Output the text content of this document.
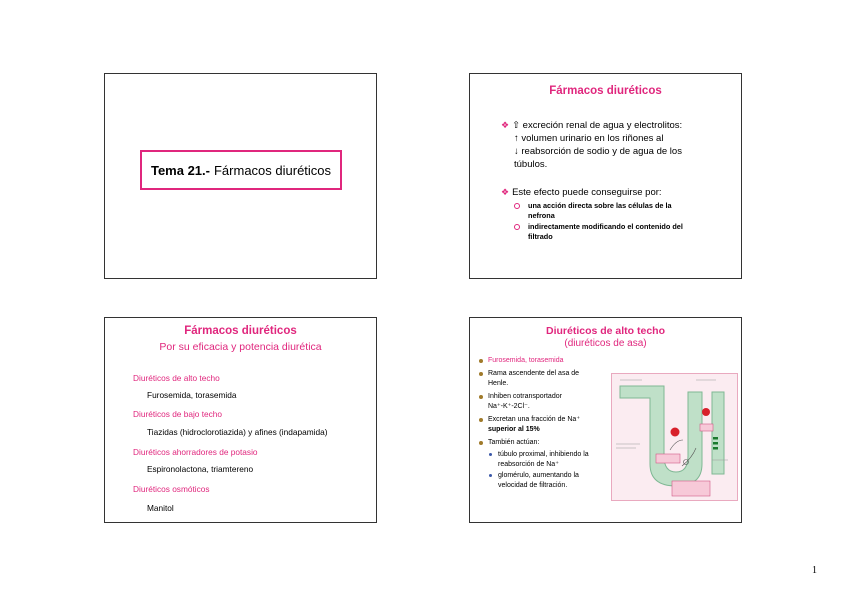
Tema 21.- Fármacos diuréticos
Fármacos diuréticos
❖ ⇧ excreción renal de agua y electrolitos:
↑ volumen urinario en los riñones al
↓ reabsorción de sodio y de agua de los
túbulos.
❖ Este efecto puede conseguirse por:
una acción directa sobre las células de la
nefrona
indirectamente modificando el contenido del
filtrado
Fármacos diuréticos
Por su eficacia y potencia diurética
Diuréticos de alto techo
Furosemida, torasemida
Diuréticos de bajo techo
Tiazidas (hidroclorotiazida) y afines (indapamida)
Diuréticos ahorradores de potasio
Espironolactona, triamtereno
Diuréticos osmóticos
Manitol
Diuréticos de alto techo
(diuréticos de asa)
Furosemida, torasemida
Rama ascendente del asa de
Henle.
Inhiben cotransportador
Na⁺-K⁺-2Cl⁻.
Excretan una fracción de Na⁺
superior al 15%
También actúan:
túbulo proximal, inhibiendo la
reabsorción de Na⁺
glomérulo, aumentando la
velocidad de filtración.
1
